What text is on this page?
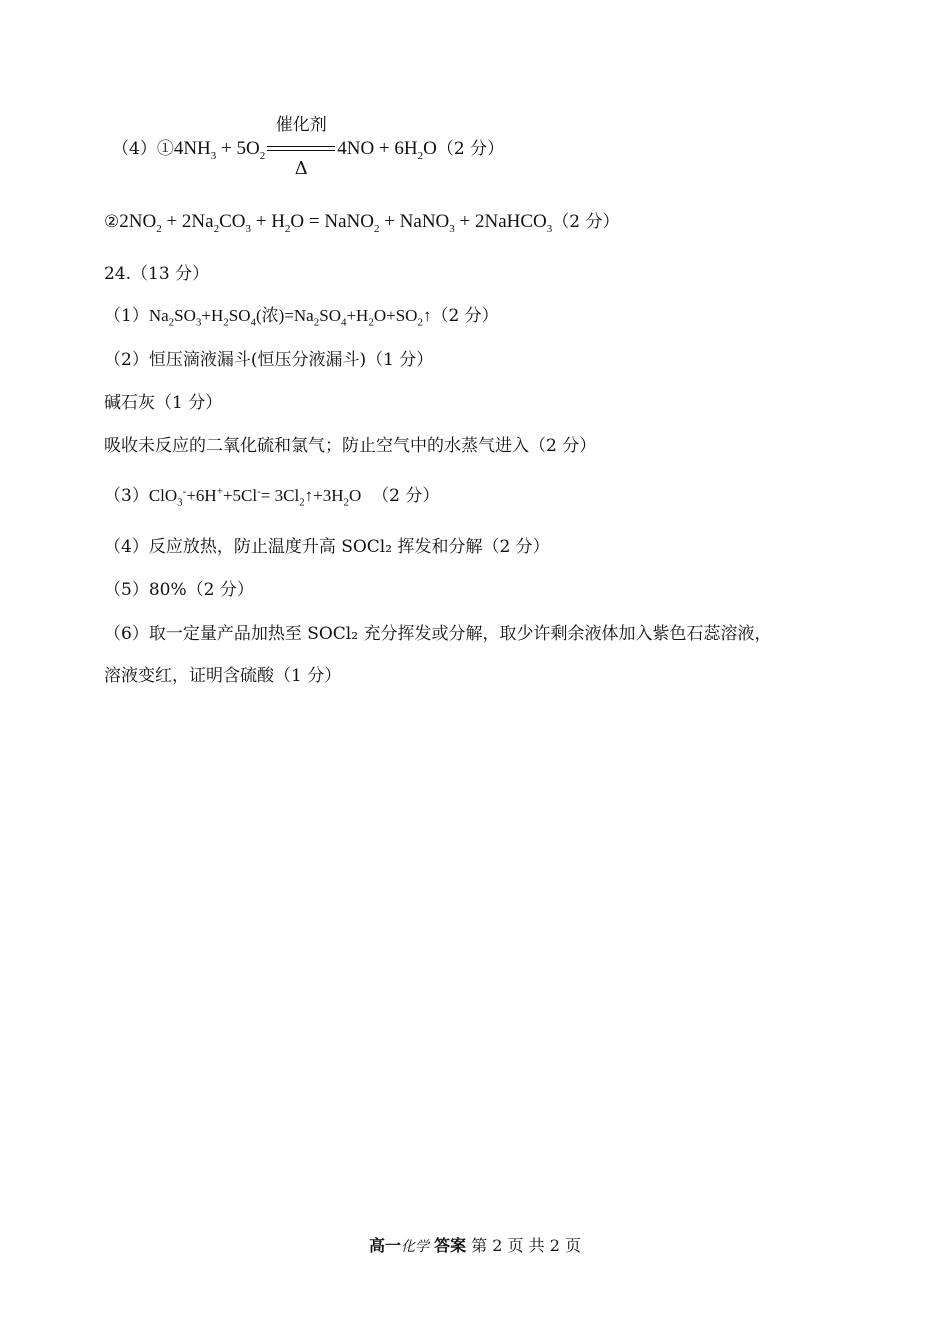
$(4)①4NH_3 + 5O_2$
催化剂
Δ
$4NO + 6H_2O(2$ 分）
$②2NO_2 + 2Na_2CO_3 + H_2O$ = NaNO$_2$ + NaNO$_3$ + 2NaHCO$_3$（2 分）
24.（13 分）
$(1)Na_2SO_3+H_2SO_4$(浓)$=Na_2SO_4+H_2O+SO_2↑(2$ 分）
（2）恒压滴液漏斗(恒压分液漏斗)（1 分）
碱石灰（1 分）
吸收未反应的二氧化硫和氯气；防止空气中的水蒸气进入（2 分）
$(3)ClO_3^-+6H^++5Cl^-= 3Cl_2↑+3H_2O$ （2 分）
（4）反应放热，防止温度升高 SOCl₂ 挥发和分解（2 分）
（5）80%（2 分）
（6）取一定量产品加热至 SOCl₂ 充分挥发或分解，取少许剩余液体加入紫色石蕊溶液，
溶液变红，证明含硫酸（1 分）
高一化学 答案 第 2 页 共 2 页
